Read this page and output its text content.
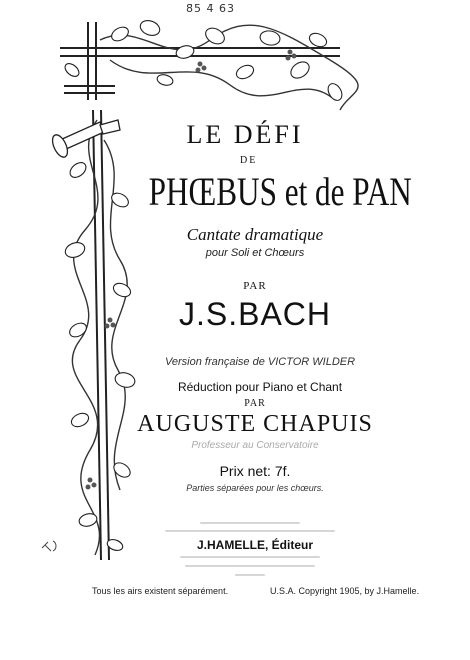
8̄5 4̄ 6̄3
LE DÉFI
DE
PHŒBUS et de PAN
Cantate dramatique
pour Soli et Chœurs
PAR
J.S.BACH
Version française de VICTOR WILDER
Réduction pour Piano et Chant
PAR
AUGUSTE CHAPUIS
Professeur au Conservatoire
Prix net: 7f.
Parties séparées pour les chœurs.
J.HAMELLE, Éditeur
Tous les airs existent séparément.	U.S.A. Copyright 1905, by J.Hamelle.
